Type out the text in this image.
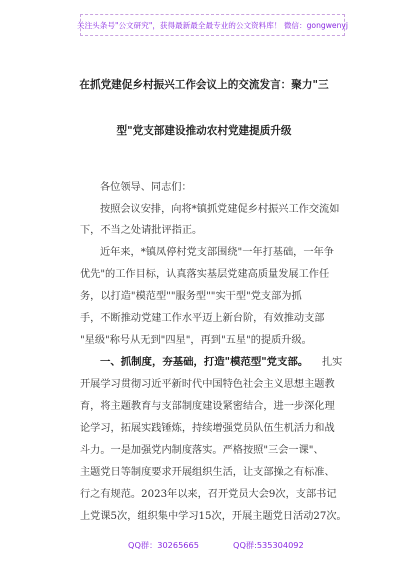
关注头条号"公文研究"，获得最新最全最专业的公文资料库！ 微信：gongwenyj
在抓党建促乡村振兴工作会议上的交流发言：聚力"三
型"党支部建设推动农村党建提质升级
各位领导、同志们：
按照会议安排，向将*镇抓党建促乡村振兴工作交流如
下，不当之处请批评指正。
近年来，*镇凤停村党支部围绕"一年打基础，一年争
优先"的工作目标，认真落实基层党建高质量发展工作任
务，以打造"模范型""服务型""实干型"党支部为抓
手，不断推动党建工作水平迈上新台阶，有效推动支部
"星级"称号从无到"四星"，再到"五星"的提质升级。
一、抓制度，夯基础，打造"模范型"党支部。 扎实
开展学习贯彻习近平新时代中国特色社会主义思想主题教
育，将主题教育与支部制度建设紧密结合，进一步深化理
论学习，拓展实践锤炼，持续增强党员队伍生机活力和战
斗力。一是加强党内制度落实。严格按照"三会一课"、
主题党日等制度要求开展组织生活，让支部操之有标准、
行之有规范。2023年以来，召开党员大会9次，支部书记
上党课5次，组织集中学习15次，开展主题党日活动27次。
QQ群：30265665	QQ群:535304092
